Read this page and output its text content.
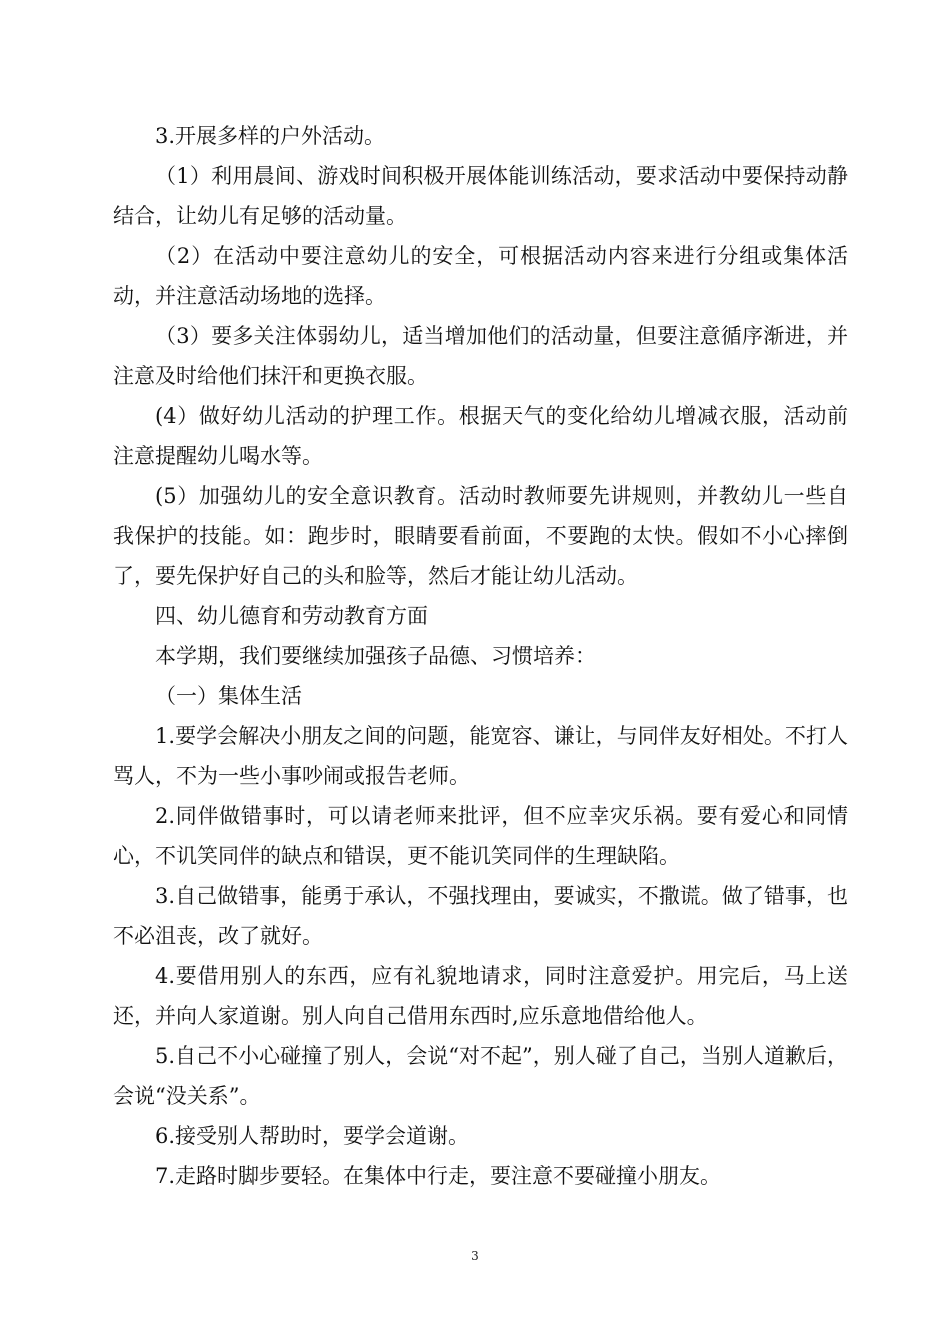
3.开展多样的户外活动。

（1）利用晨间、游戏时间积极开展体能训练活动，要求活动中要保持动静结合，让幼儿有足够的活动量。

（2）在活动中要注意幼儿的安全，可根据活动内容来进行分组或集体活动，并注意活动场地的选择。

（3）要多关注体弱幼儿，适当增加他们的活动量，但要注意循序渐进，并注意及时给他们抹汗和更换衣服。

(4）做好幼儿活动的护理工作。根据天气的变化给幼儿增减衣服，活动前注意提醒幼儿喝水等。

(5）加强幼儿的安全意识教育。活动时教师要先讲规则，并教幼儿一些自我保护的技能。如：跑步时，眼睛要看前面，不要跑的太快。假如不小心摔倒了，要先保护好自己的头和脸等，然后才能让幼儿活动。

四、幼儿德育和劳动教育方面

本学期，我们要继续加强孩子品德、习惯培养：

（一）集体生活

1.要学会解决小朋友之间的问题，能宽容、谦让，与同伴友好相处。不打人骂人，不为一些小事吵闹或报告老师。

2.同伴做错事时，可以请老师来批评，但不应幸灾乐祸。要有爱心和同情心，不讥笑同伴的缺点和错误，更不能讥笑同伴的生理缺陷。

3.自己做错事，能勇于承认，不强找理由，要诚实，不撒谎。做了错事，也不必沮丧，改了就好。

4.要借用别人的东西，应有礼貌地请求，同时注意爱护。用完后，马上送还，并向人家道谢。别人向自己借用东西时,应乐意地借给他人。

5.自己不小心碰撞了别人，会说“对不起”，别人碰了自己，当别人道歉后，会说“没关系”。

6.接受别人帮助时，要学会道谢。

7.走路时脚步要轻。在集体中行走，要注意不要碰撞小朋友。

3
